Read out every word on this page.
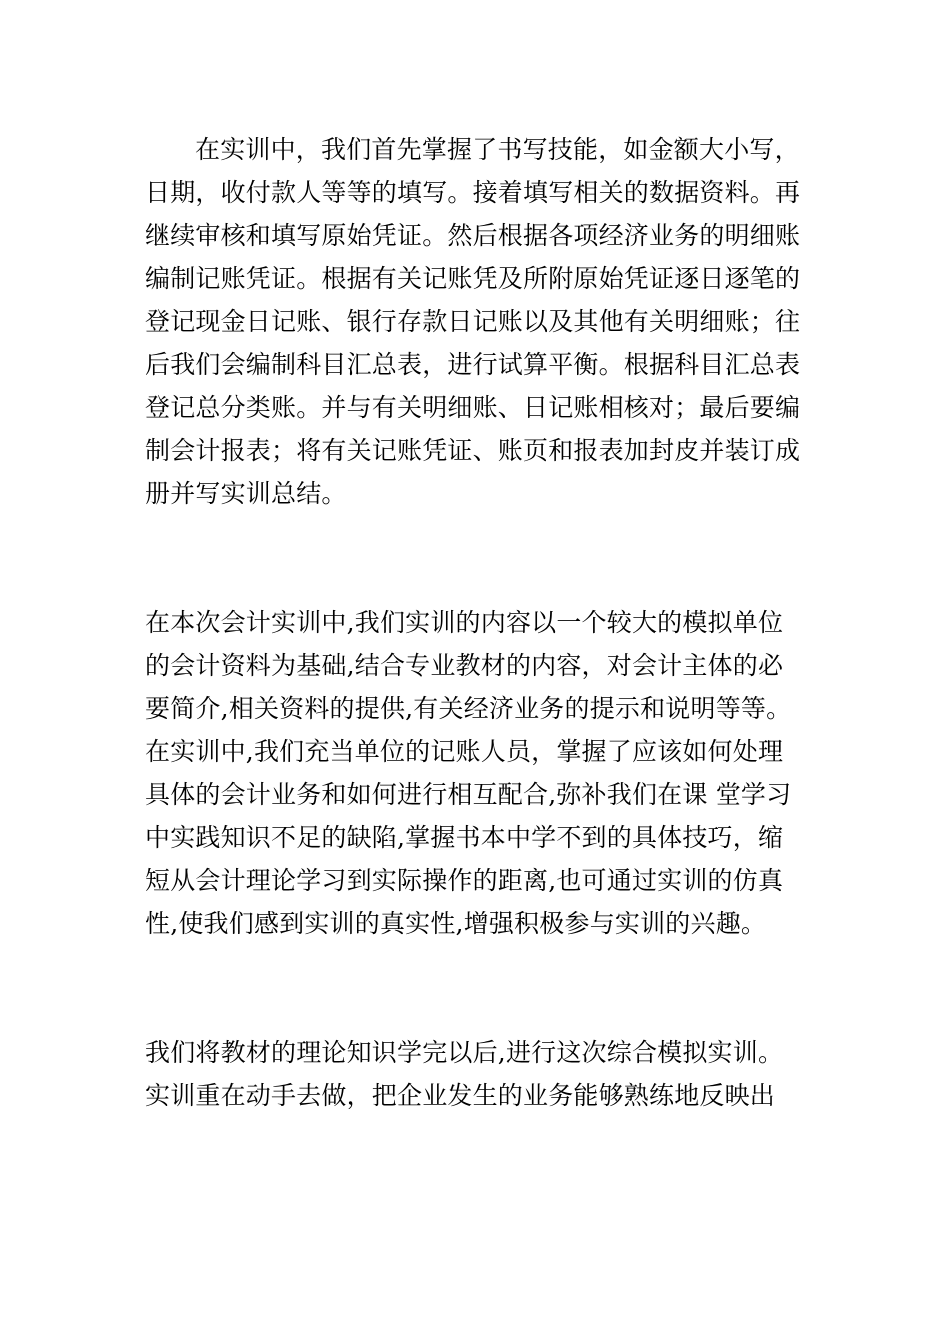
在实训中，我们首先掌握了书写技能，如金额大小写，日期，收付款人等等的填写。接着填写相关的数据资料。再继续审核和填写原始凭证。然后根据各项经济业务的明细账编制记账凭证。根据有关记账凭及所附原始凭证逐日逐笔的登记现金日记账、银行存款日记账以及其他有关明细账；往后我们会编制科目汇总表，进行试算平衡。根据科目汇总表登记总分类账。并与有关明细账、日记账相核对；最后要编制会计报表；将有关记账凭证、账页和报表加封皮并装订成册并写实训总结。

在本次会计实训中,我们实训的内容以一个较大的模拟单位的会计资料为基础,结合专业教材的内容，对会计主体的必要简介,相关资料的提供,有关经济业务的提示和说明等等。在实训中,我们充当单位的记账人员，掌握了应该如何处理具体的会计业务和如何进行相互配合,弥补我们在课 堂学习中实践知识不足的缺陷,掌握书本中学不到的具体技巧，缩短从会计理论学习到实际操作的距离,也可通过实训的仿真性,使我们感到实训的真实性,增强积极参与实训的兴趣。

我们将教材的理论知识学完以后,进行这次综合模拟实训。实训重在动手去做，把企业发生的业务能够熟练地反映出
